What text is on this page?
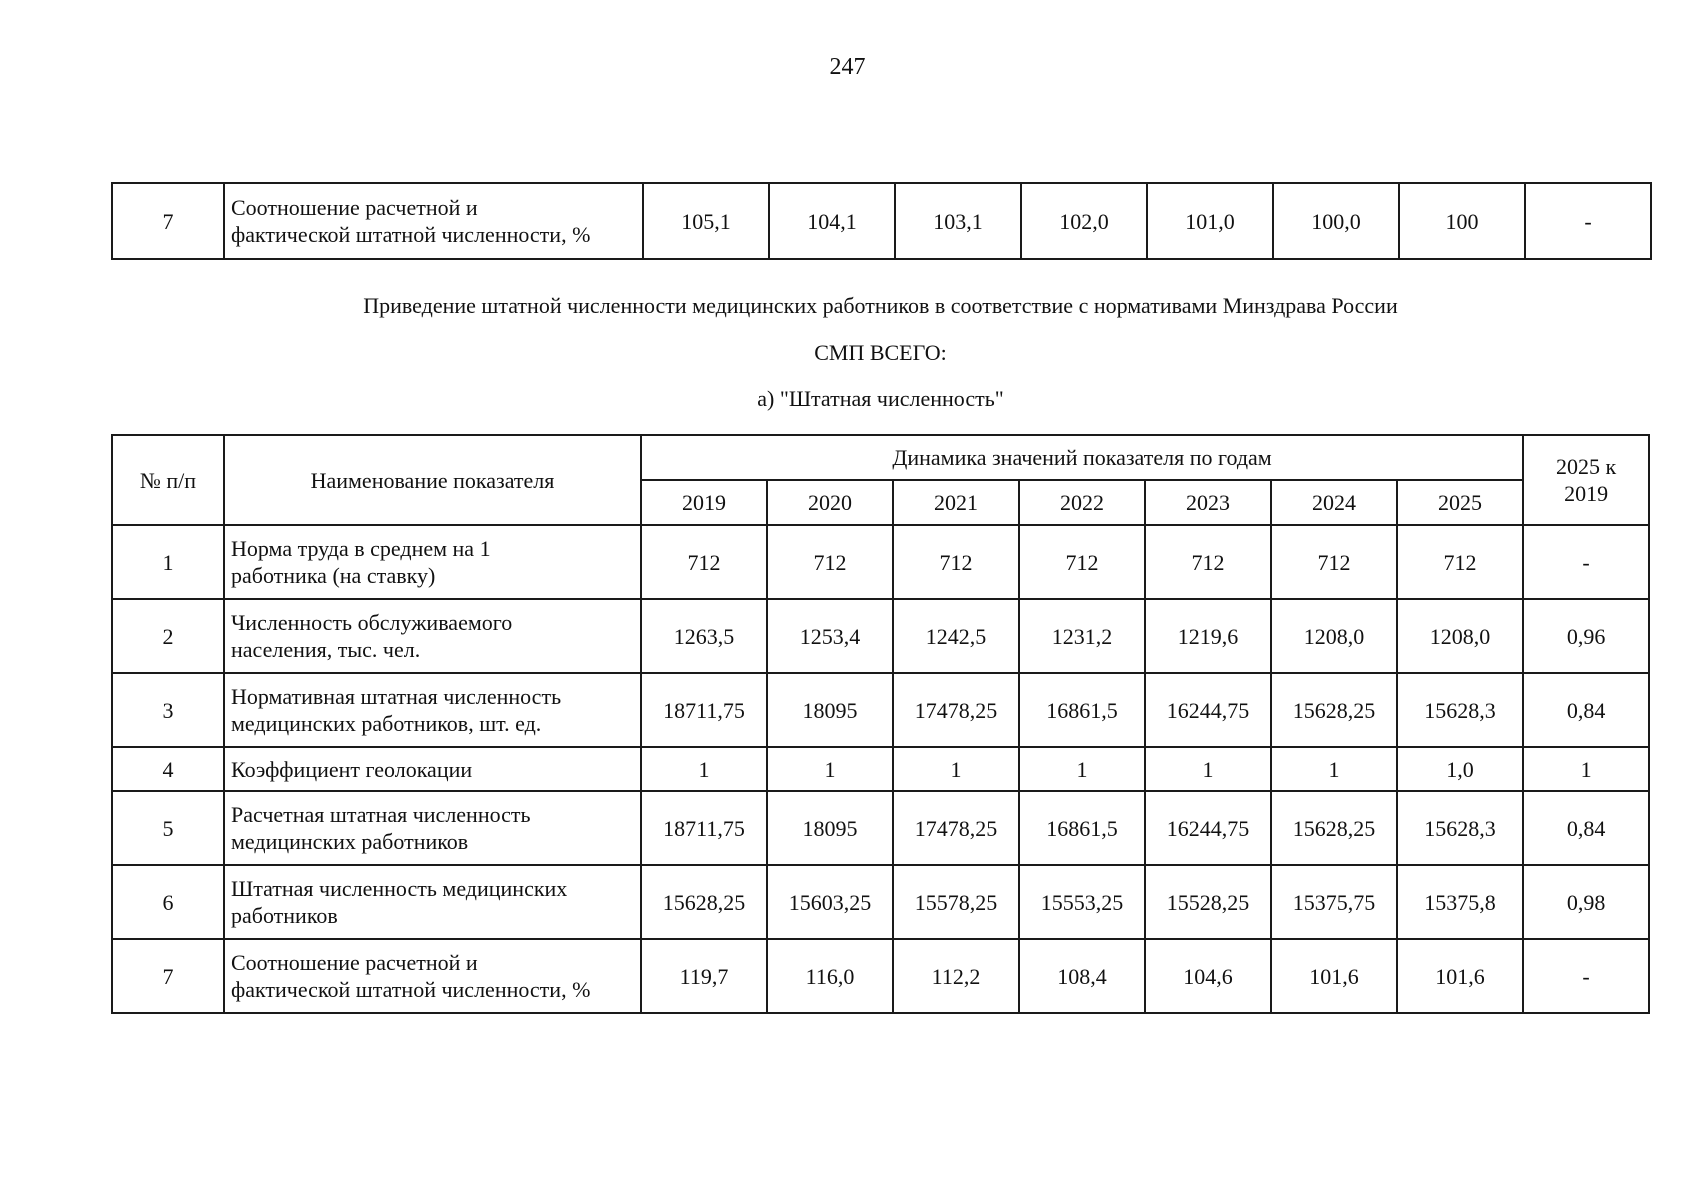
247
7	
Соотношение расчетной и
фактической штатной численности, %
	105,1	104,1	103,1	102,0	101,0	100,0	100	-
Приведение штатной численности медицинских работников в соответствие с нормативами Минздрава России
СМП ВСЕГО:
а) "Штатная численность"
№ п/п	Наименование показателя	Динамика значений показателя по годам							2025 к
2019

		2019	2020	2021	2022	2023	2024	2025	
1	Норма труда в среднем на 1
работника (на ставку)	712	712	712	712	712	712	712	-
2	Численность обслуживаемого
населения, тыс. чел.	1263,5	1253,4	1242,5	1231,2	1219,6	1208,0	1208,0	0,96
3	Нормативная штатная численность
медицинских работников, шт. ед.	18711,75	18095	17478,25	16861,5	16244,75	15628,25	15628,3	0,84
4	Коэффициент геолокации	1	1	1	1	1	1	1,0	1
5	Расчетная штатная численность
медицинских работников	18711,75	18095	17478,25	16861,5	16244,75	15628,25	15628,3	0,84
6	Штатная численность медицинских
работников	15628,25	15603,25	15578,25	15553,25	15528,25	15375,75	15375,8	0,98
7	Соотношение расчетной и
фактической штатной численности, %	119,7	116,0	112,2	108,4	104,6	101,6	101,6	-
